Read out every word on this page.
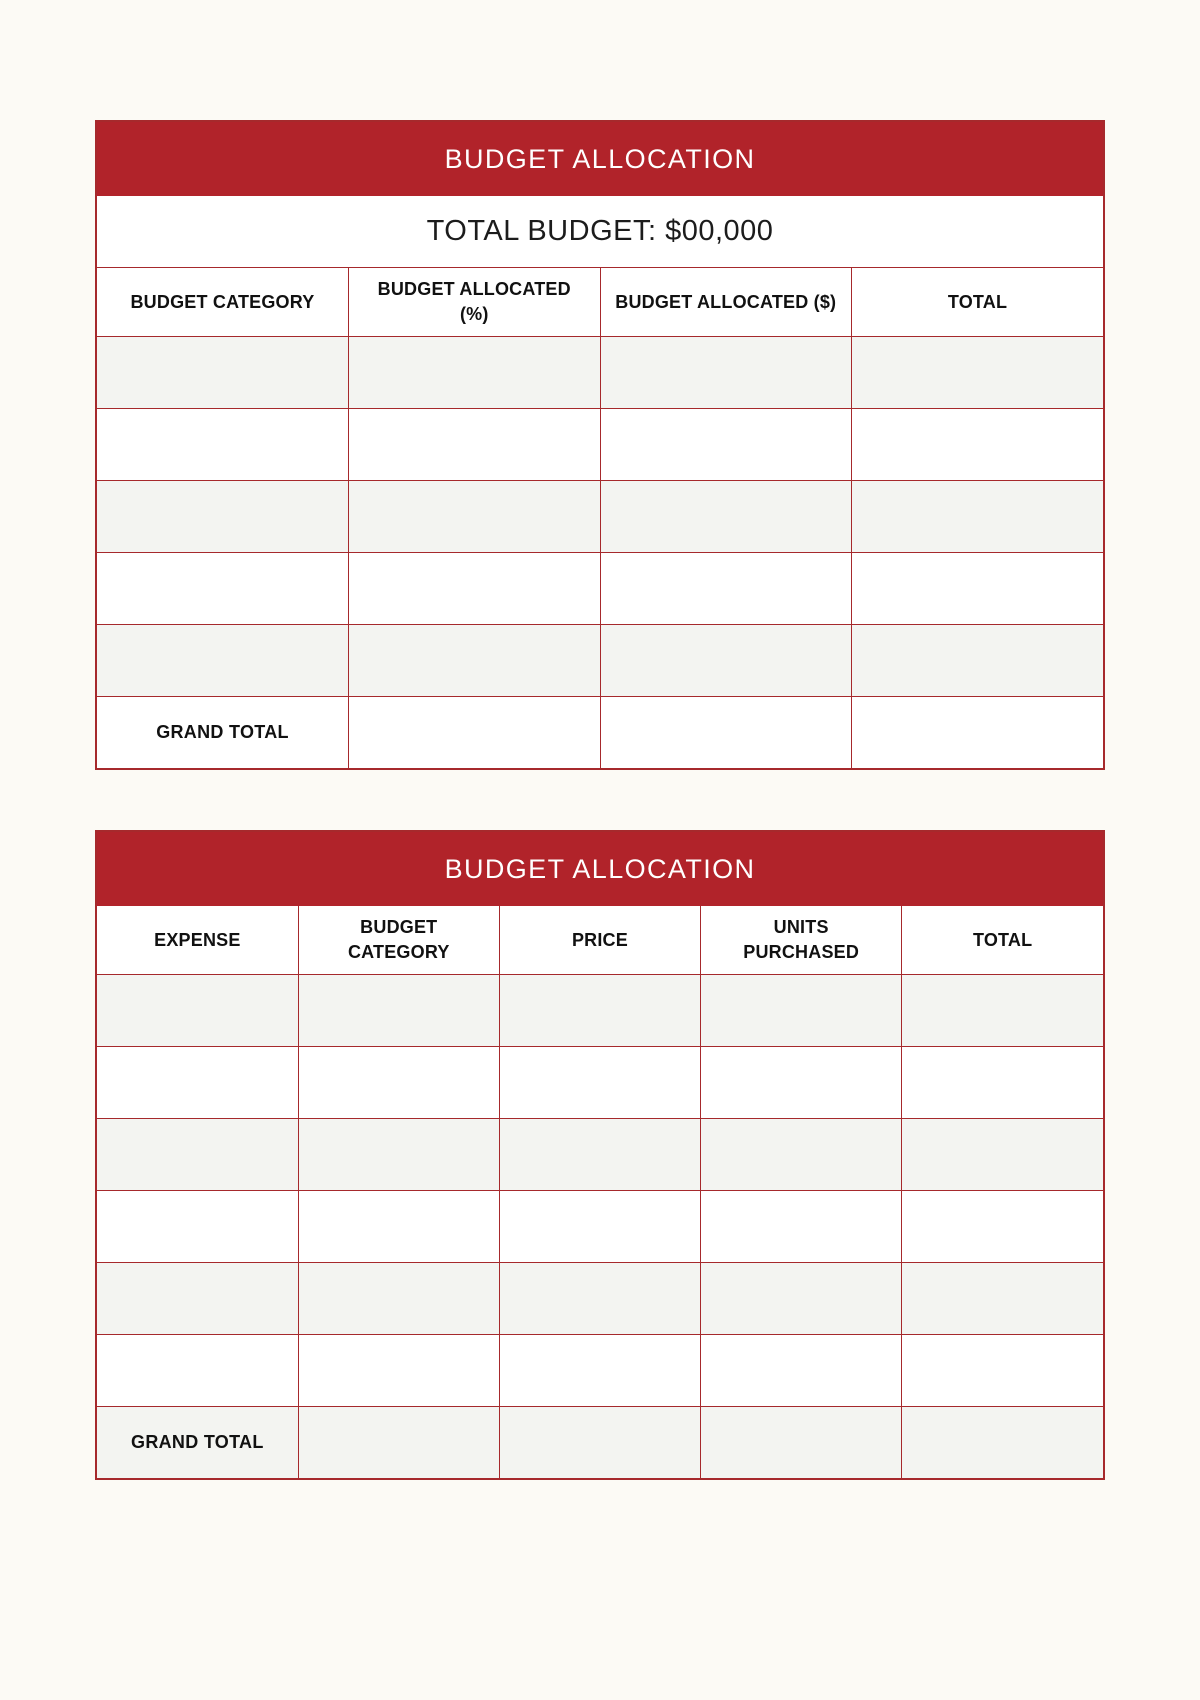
BUDGET ALLOCATION
TOTAL BUDGET: $00,000
BUDGET CATEGORY	BUDGET ALLOCATED (%)	BUDGET ALLOCATED ($)	TOTAL

GRAND TOTAL			
BUDGET ALLOCATION
EXPENSE	BUDGET CATEGORY	PRICE	UNITS PURCHASED	TOTAL

GRAND TOTAL				
